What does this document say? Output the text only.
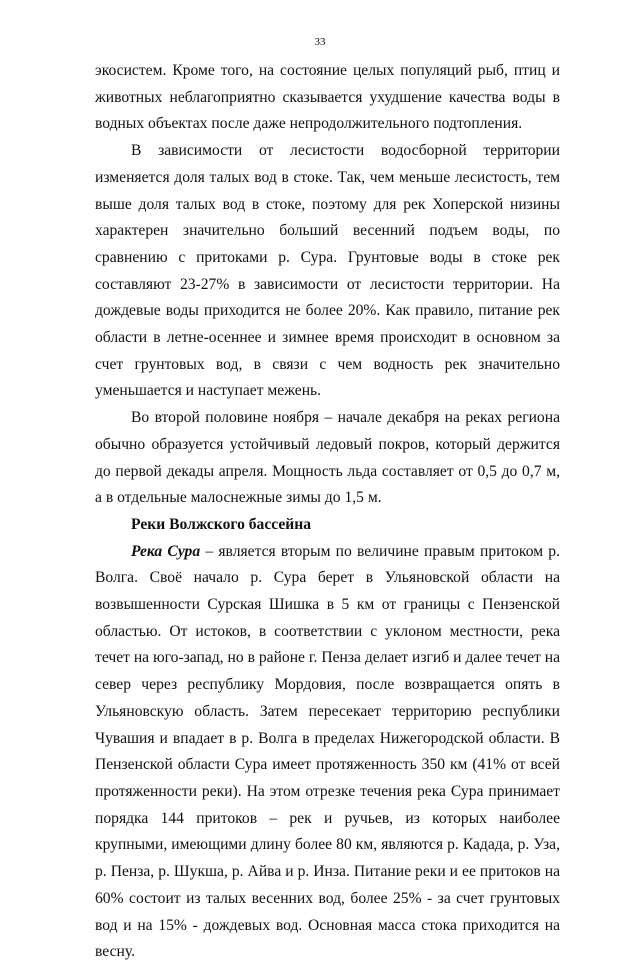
33

экосистем. Кроме того, на состояние целых популяций рыб, птиц и животных неблагоприятно сказывается ухудшение качества воды в водных объектах после даже непродолжительного подтопления.

В зависимости от лесистости водосборной территории изменяется доля талых вод в стоке. Так, чем меньше лесистость, тем выше доля талых вод в стоке, поэтому для рек Хоперской низины характерен значительно больший весенний подъем воды, по сравнению с притоками р. Сура. Грунтовые воды в стоке рек составляют 23-27% в зависимости от лесистости территории. На дождевые воды приходится не более 20%. Как правило, питание рек области в летне-осеннее и зимнее время происходит в основном за счет грунтовых вод, в связи с чем водность рек значительно уменьшается и наступает межень.

Во второй половине ноября – начале декабря на реках региона обычно образуется устойчивый ледовый покров, который держится до первой декады апреля. Мощность льда составляет от 0,5 до 0,7 м, а в отдельные малоснежные зимы до 1,5 м.

Реки Волжского бассейна

Река Сура – является вторым по величине правым притоком р. Волга. Своё начало р. Сура берет в Ульяновской области на возвышенности Сурская Шишка в 5 км от границы с Пензенской областью. От истоков, в соответствии с уклоном местности, река течет на юго-запад, но в районе г. Пенза делает изгиб и далее течет на север через республику Мордовия, после возвращается опять в Ульяновскую область. Затем пересекает территорию республики Чувашия и впадает в р. Волга в пределах Нижегородской области. В Пензенской области Сура имеет протяженность 350 км (41% от всей протяженности реки). На этом отрезке течения река Сура принимает порядка 144 притоков – рек и ручьев, из которых наиболее крупными, имеющими длину более 80 км, являются р. Кадада, р. Уза, р. Пенза, р. Шукша, р. Айва и р. Инза. Питание реки и ее притоков на 60% состоит из талых весенних вод, более 25% - за счет грунтовых вод и на 15% - дождевых вод. Основная масса стока приходится на весну.
